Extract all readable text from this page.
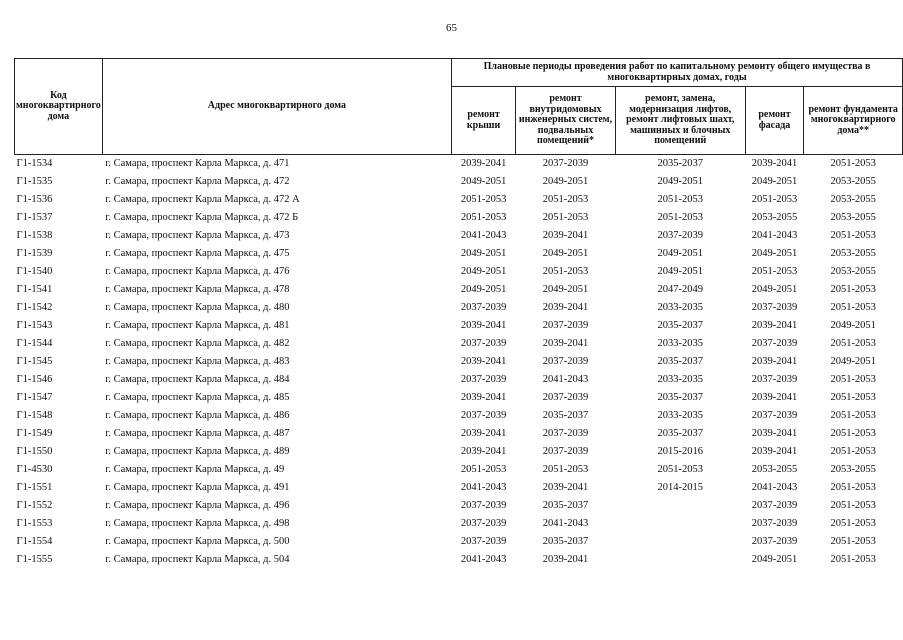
65
Код многоквартирного дома	Адрес многоквартирного дома	Плановые периоды проведения работ по капитальному ремонту общего имущества в многоквартирных домах, годы				
		ремонт крыши	ремонт внутридомовых инженерных систем, подвальных помещений*	ремонт, замена, модернизация лифтов, ремонт лифтовых шахт, машинных и блочных помещений	ремонт фасада	ремонт фундамента многоквартирного дома**
Г1-1534	г. Самара, проспект Карла Маркса, д. 471	2039-2041	2037-2039	2035-2037	2039-2041	2051-2053
Г1-1535	г. Самара, проспект Карла Маркса, д. 472	2049-2051	2049-2051	2049-2051	2049-2051	2053-2055
Г1-1536	г. Самара, проспект Карла Маркса, д. 472 А	2051-2053	2051-2053	2051-2053	2051-2053	2053-2055
Г1-1537	г. Самара, проспект Карла Маркса, д. 472 Б	2051-2053	2051-2053	2051-2053	2053-2055	2053-2055
Г1-1538	г. Самара, проспект Карла Маркса, д. 473	2041-2043	2039-2041	2037-2039	2041-2043	2051-2053
Г1-1539	г. Самара, проспект Карла Маркса, д. 475	2049-2051	2049-2051	2049-2051	2049-2051	2053-2055
Г1-1540	г. Самара, проспект Карла Маркса, д. 476	2049-2051	2051-2053	2049-2051	2051-2053	2053-2055
Г1-1541	г. Самара, проспект Карла Маркса, д. 478	2049-2051	2049-2051	2047-2049	2049-2051	2051-2053
Г1-1542	г. Самара, проспект Карла Маркса, д. 480	2037-2039	2039-2041	2033-2035	2037-2039	2051-2053
Г1-1543	г. Самара, проспект Карла Маркса, д. 481	2039-2041	2037-2039	2035-2037	2039-2041	2049-2051
Г1-1544	г. Самара, проспект Карла Маркса, д. 482	2037-2039	2039-2041	2033-2035	2037-2039	2051-2053
Г1-1545	г. Самара, проспект Карла Маркса, д. 483	2039-2041	2037-2039	2035-2037	2039-2041	2049-2051
Г1-1546	г. Самара, проспект Карла Маркса, д. 484	2037-2039	2041-2043	2033-2035	2037-2039	2051-2053
Г1-1547	г. Самара, проспект Карла Маркса, д. 485	2039-2041	2037-2039	2035-2037	2039-2041	2051-2053
Г1-1548	г. Самара, проспект Карла Маркса, д. 486	2037-2039	2035-2037	2033-2035	2037-2039	2051-2053
Г1-1549	г. Самара, проспект Карла Маркса, д. 487	2039-2041	2037-2039	2035-2037	2039-2041	2051-2053
Г1-1550	г. Самара, проспект Карла Маркса, д. 489	2039-2041	2037-2039	2015-2016	2039-2041	2051-2053
Г1-4530	г. Самара, проспект Карла Маркса, д. 49	2051-2053	2051-2053	2051-2053	2053-2055	2053-2055
Г1-1551	г. Самара, проспект Карла Маркса, д. 491	2041-2043	2039-2041	2014-2015	2041-2043	2051-2053
Г1-1552	г. Самара, проспект Карла Маркса, д. 496	2037-2039	2035-2037		2037-2039	2051-2053
Г1-1553	г. Самара, проспект Карла Маркса, д. 498	2037-2039	2041-2043		2037-2039	2051-2053
Г1-1554	г. Самара, проспект Карла Маркса, д. 500	2037-2039	2035-2037		2037-2039	2051-2053
Г1-1555	г. Самара, проспект Карла Маркса, д. 504	2041-2043	2039-2041		2049-2051	2051-2053
